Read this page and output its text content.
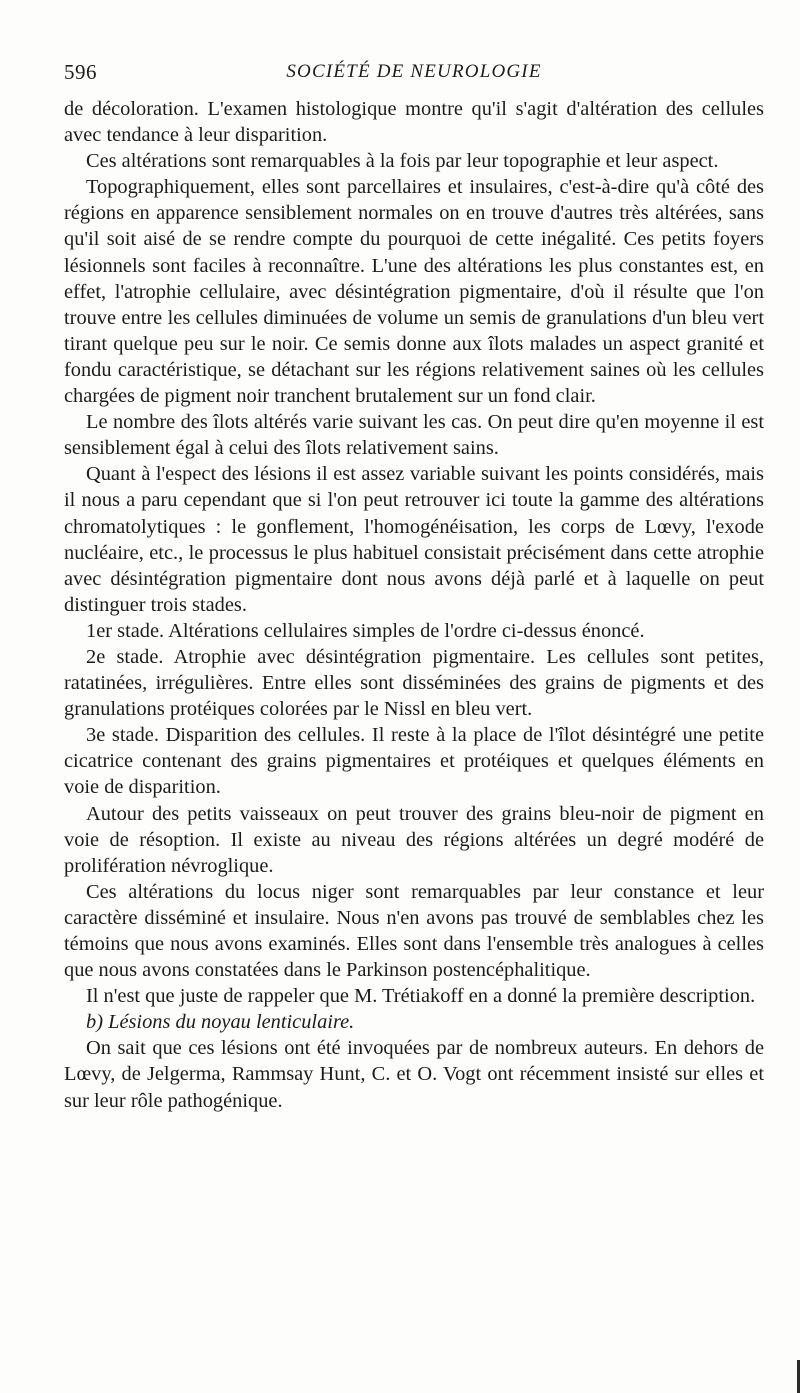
596	SOCIÉTÉ DE NEUROLOGIE

de décoloration. L'examen histologique montre qu'il s'agit d'altération des cellules avec tendance à leur disparition.

Ces altérations sont remarquables à la fois par leur topographie et leur aspect.

Topographiquement, elles sont parcellaires et insulaires, c'est-à-dire qu'à côté des régions en apparence sensiblement normales on en trouve d'autres très altérées, sans qu'il soit aisé de se rendre compte du pourquoi de cette inégalité. Ces petits foyers lésionnels sont faciles à reconnaître. L'une des altérations les plus constantes est, en effet, l'atrophie cellulaire, avec désintégration pigmentaire, d'où il résulte que l'on trouve entre les cellules diminuées de volume un semis de granulations d'un bleu vert tirant quelque peu sur le noir. Ce semis donne aux îlots malades un aspect granité et fondu caractéristique, se détachant sur les régions relativement saines où les cellules chargées de pigment noir tranchent brutalement sur un fond clair.

Le nombre des îlots altérés varie suivant les cas. On peut dire qu'en moyenne il est sensiblement égal à celui des îlots relativement sains.

Quant à l'espect des lésions il est assez variable suivant les points considérés, mais il nous a paru cependant que si l'on peut retrouver ici toute la gamme des altérations chromatolytiques : le gonflement, l'homogénéisation, les corps de Lœvy, l'exode nucléaire, etc., le processus le plus habituel consistait précisément dans cette atrophie avec désintégration pigmentaire dont nous avons déjà parlé et à laquelle on peut distinguer trois stades.

1er stade. Altérations cellulaires simples de l'ordre ci-dessus énoncé.

2e stade. Atrophie avec désintégration pigmentaire. Les cellules sont petites, ratatinées, irrégulières. Entre elles sont disséminées des grains de pigments et des granulations protéiques colorées par le Nissl en bleu vert.

3e stade. Disparition des cellules. Il reste à la place de l'îlot désintégré une petite cicatrice contenant des grains pigmentaires et protéiques et quelques éléments en voie de disparition.

Autour des petits vaisseaux on peut trouver des grains bleu-noir de pigment en voie de résoption. Il existe au niveau des régions altérées un degré modéré de prolifération névroglique.

Ces altérations du locus niger sont remarquables par leur constance et leur caractère disséminé et insulaire. Nous n'en avons pas trouvé de semblables chez les témoins que nous avons examinés. Elles sont dans l'ensemble très analogues à celles que nous avons constatées dans le Parkinson postencéphalitique.

Il n'est que juste de rappeler que M. Trétiakoff en a donné la première description.

b) Lésions du noyau lenticulaire.

On sait que ces lésions ont été invoquées par de nombreux auteurs. En dehors de Lœvy, de Jelgerma, Rammsay Hunt, C. et O. Vogt ont récemment insisté sur elles et sur leur rôle pathogénique.
